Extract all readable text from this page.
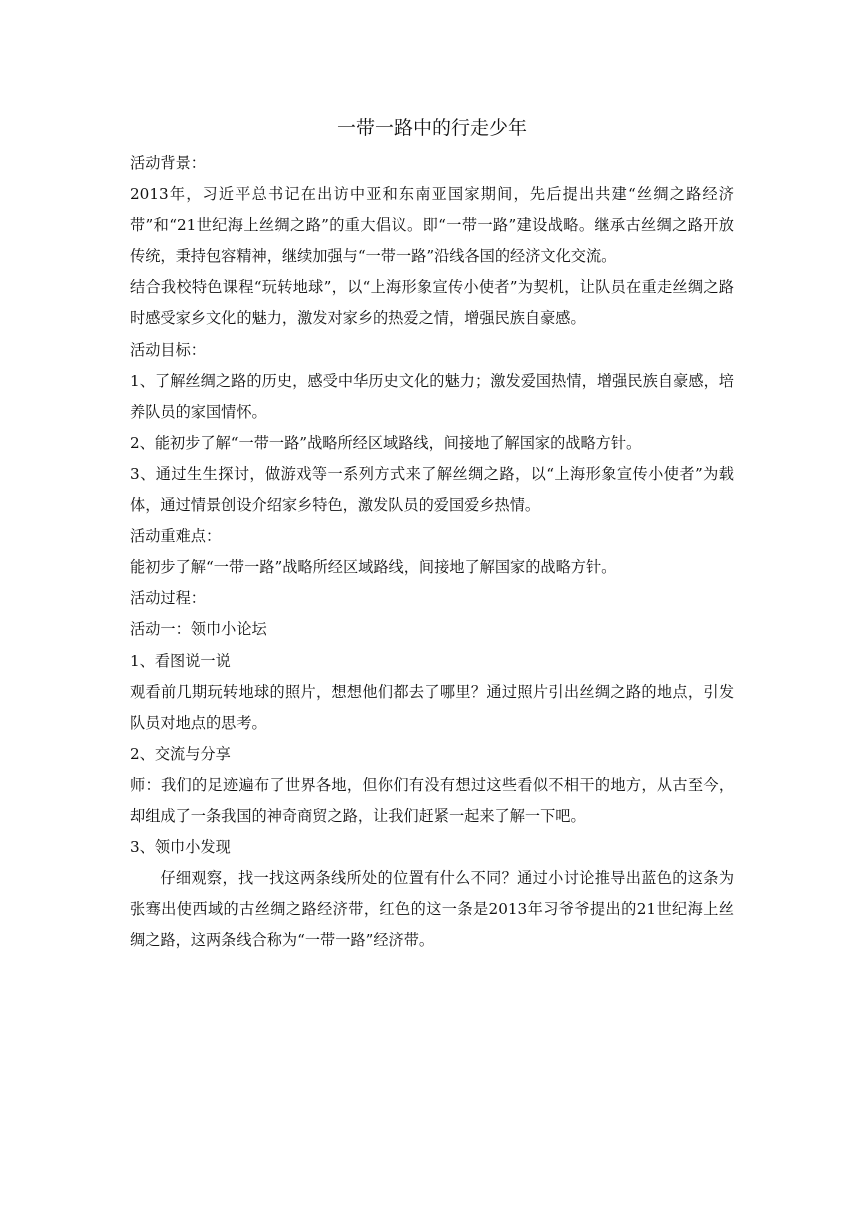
一带一路中的行走少年

活动背景：

2013年，习近平总书记在出访中亚和东南亚国家期间，先后提出共建“丝绸之路经济带”和“21世纪海上丝绸之路”的重大倡议。即“一带一路”建设战略。继承古丝绸之路开放传统，秉持包容精神，继续加强与“一带一路”沿线各国的经济文化交流。

结合我校特色课程“玩转地球”，以“上海形象宣传小使者”为契机，让队员在重走丝绸之路时感受家乡文化的魅力，激发对家乡的热爱之情，增强民族自豪感。

活动目标：

1、了解丝绸之路的历史，感受中华历史文化的魅力；激发爱国热情，增强民族自豪感，培养队员的家国情怀。

2、能初步了解“一带一路”战略所经区域路线，间接地了解国家的战略方针。

3、通过生生探讨，做游戏等一系列方式来了解丝绸之路，以“上海形象宣传小使者”为载体，通过情景创设介绍家乡特色，激发队员的爱国爱乡热情。

活动重难点：

能初步了解“一带一路”战略所经区域路线，间接地了解国家的战略方针。

活动过程：

活动一：领巾小论坛

1、看图说一说

观看前几期玩转地球的照片，想想他们都去了哪里？通过照片引出丝绸之路的地点，引发队员对地点的思考。

2、交流与分享

师：我们的足迹遍布了世界各地，但你们有没有想过这些看似不相干的地方，从古至今，却组成了一条我国的神奇商贸之路，让我们赶紧一起来了解一下吧。

3、领巾小发现

仔细观察，找一找这两条线所处的位置有什么不同？通过小讨论推导出蓝色的这条为张骞出使西域的古丝绸之路经济带，红色的这一条是2013年习爷爷提出的21世纪海上丝绸之路，这两条线合称为“一带一路”经济带。
